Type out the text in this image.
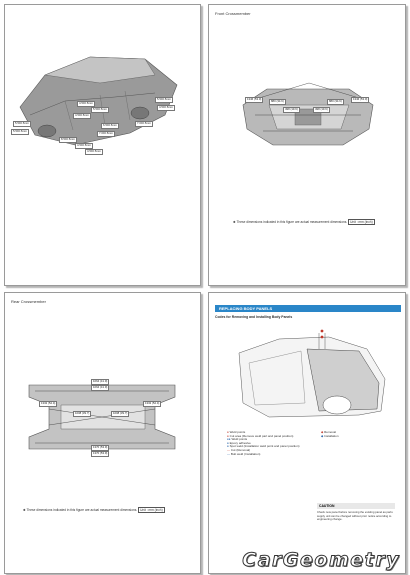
4.5±0.5mm
5.5±0.5mm
4.5±0.5mm
5.5±0.5mm
4.5±0.5mm
5.5±0.5mm
5.5±0.5mm
6.5±0.5mm
7.0±0.5mm
7.0±0.5mm
8.5±0.5mm
4.5±0.5mm
4.5±0.5mm
Front Crossmember
1346 (53.0)	1346 (53.0)
880 (34.6)	880 (34.6)
498 (19.6)	498 (19.6)
✱ These dimensions indicated in this figure are actual measurement dimensions. Unit : mm (inch)
Rear Crossmember
1064 (41.9)
1064 (41.9)
1332 (52.4)	1332 (52.4)
1008 (39.7)	1008 (39.7)
1370 (53.9)
1370 (53.9)
✱ These dimensions indicated in this figure are actual measurement dimensions. Unit : mm (inch)
REPLACING BODY PANELS
Codes for Removing and Installing Body Panels
● Weld points
● Cut area (Remove weld part and panel position)
●● Weld points
● Epoxy adhesive
● Spot weld (Installation weld point and panel position)
— Cut (Removal)
— Butt weld (Installation)
◆ Removal
◆ Installation
CAUTION
Check new panel before removing the existing panel as parts supply unit can be changed without prior notice according to engineering change.
CarGeometry
